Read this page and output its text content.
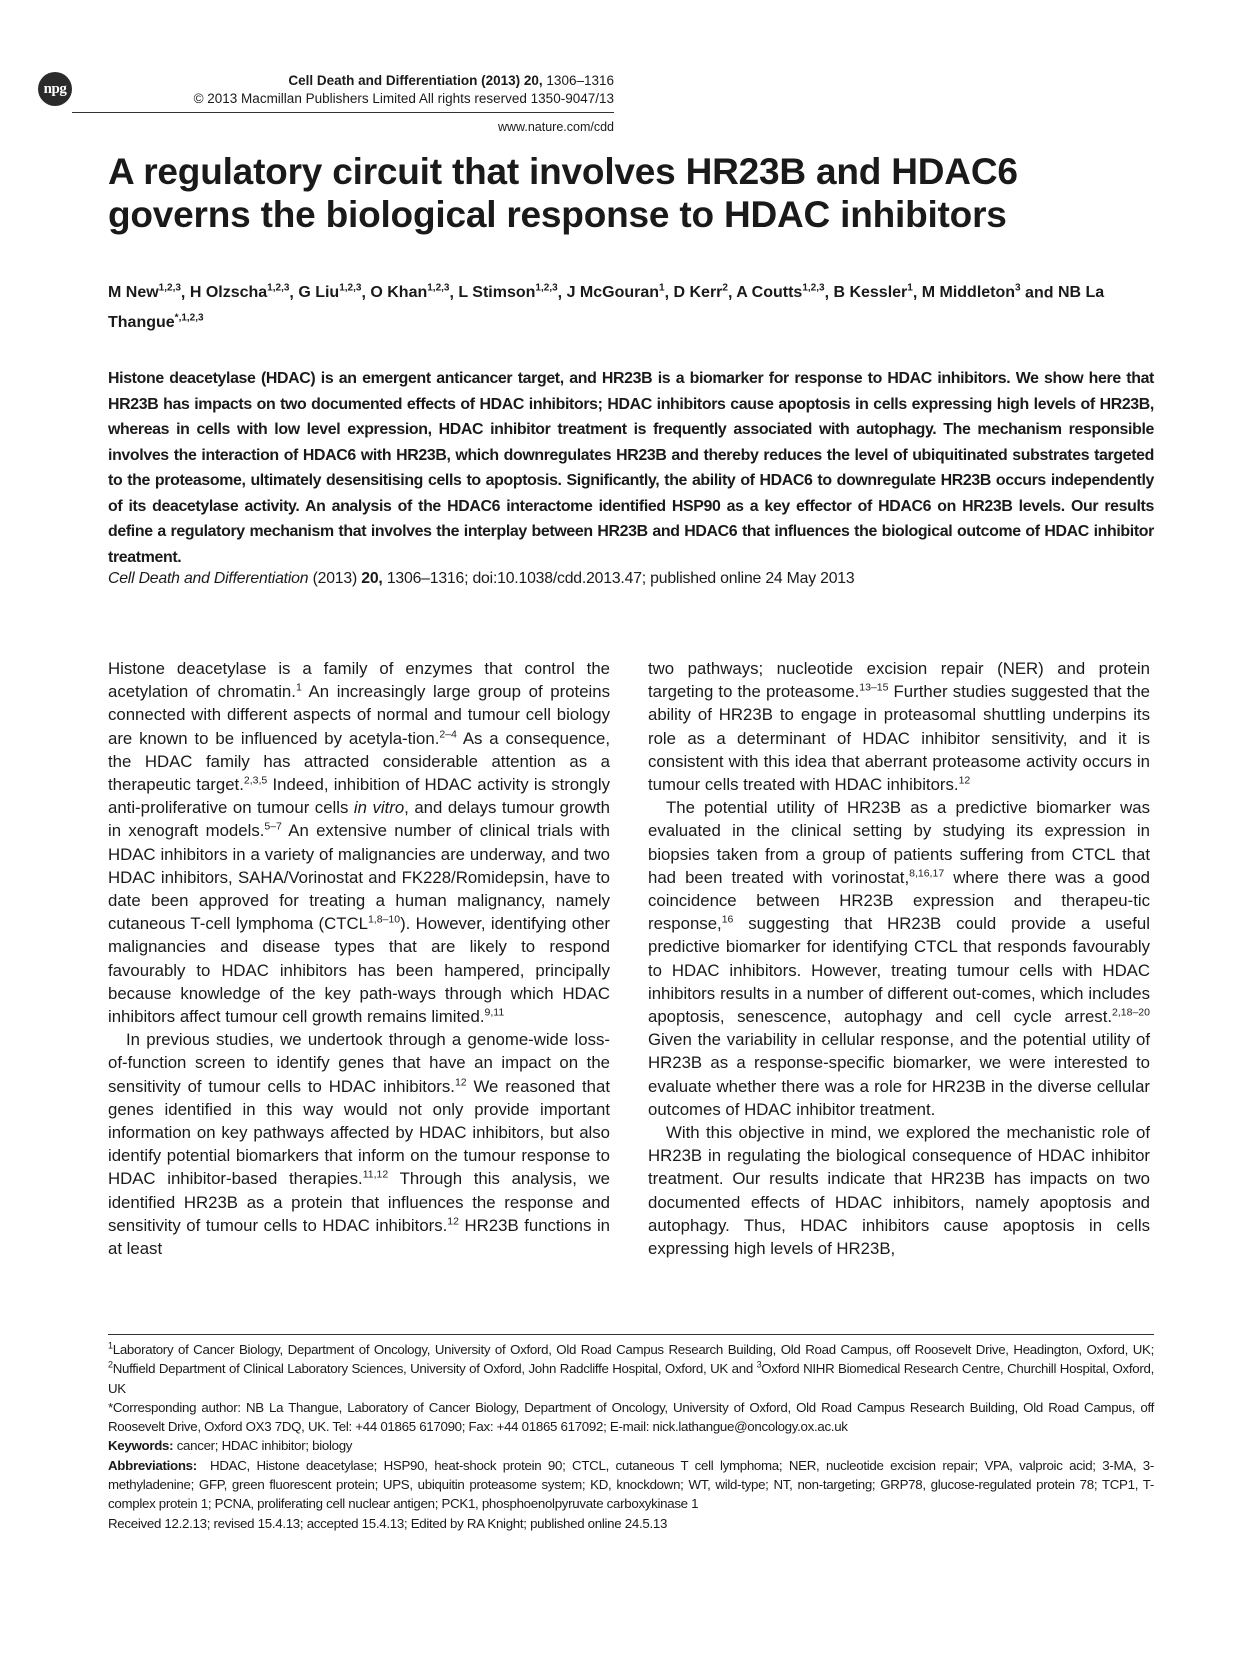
npg	Cell Death and Differentiation (2013) 20, 1306–1316
© 2013 Macmillan Publishers Limited All rights reserved 1350-9047/13
www.nature.com/cdd
A regulatory circuit that involves HR23B and HDAC6 governs the biological response to HDAC inhibitors
M New$^{1,2,3}$, H Olzscha$^{1,2,3}$, G Liu$^{1,2,3}$, O Khan$^{1,2,3}$, L Stimson$^{1,2,3}$, J McGouran$^1$, D Kerr$^2$, A Coutts$^{1,2,3}$, B Kessler$^1$, M Middleton$^3$ and NB La Thangue$^{*,1,2,3}$
Histone deacetylase (HDAC) is an emergent anticancer target, and HR23B is a biomarker for response to HDAC inhibitors. We show here that HR23B has impacts on two documented effects of HDAC inhibitors; HDAC inhibitors cause apoptosis in cells expressing high levels of HR23B, whereas in cells with low level expression, HDAC inhibitor treatment is frequently associated with autophagy. The mechanism responsible involves the interaction of HDAC6 with HR23B, which downregulates HR23B and thereby reduces the level of ubiquitinated substrates targeted to the proteasome, ultimately desensitising cells to apoptosis. Significantly, the ability of HDAC6 to downregulate HR23B occurs independently of its deacetylase activity. An analysis of the HDAC6 interactome identified HSP90 as a key effector of HDAC6 on HR23B levels. Our results define a regulatory mechanism that involves the interplay between HR23B and HDAC6 that influences the biological outcome of HDAC inhibitor treatment.
Cell Death and Differentiation (2013) 20, 1306–1316; doi:10.1038/cdd.2013.47; published online 24 May 2013

Histone deacetylase is a family of enzymes that control the acetylation of chromatin.$^1$ An increasingly large group of proteins connected with different aspects of normal and tumour cell biology are known to be influenced by acetyla-tion.$^{2-4}$ As a consequence, the HDAC family has attracted considerable attention as a therapeutic target.$^{2,3,5}$ Indeed, inhibition of HDAC activity is strongly anti-proliferative on tumour cells in vitro, and delays tumour growth in xenograft models.$^{5-7}$ An extensive number of clinical trials with HDAC inhibitors in a variety of malignancies are underway, and two HDAC inhibitors, SAHA/Vorinostat and FK228/Romidepsin, have to date been approved for treating a human malignancy, namely cutaneous T-cell lymphoma (CTCL$^{1,8-10}$). However, identifying other malignancies and disease types that are likely to respond favourably to HDAC inhibitors has been hampered, principally because knowledge of the key path-ways through which HDAC inhibitors affect tumour cell growth remains limited.$^{9,11}$

In previous studies, we undertook through a genome-wide loss-of-function screen to identify genes that have an impact on the sensitivity of tumour cells to HDAC inhibitors.$^{12}$ We reasoned that genes identified in this way would not only provide important information on key pathways affected by HDAC inhibitors, but also identify potential biomarkers that inform on the tumour response to HDAC inhibitor-based therapies.$^{11,12}$ Through this analysis, we identified HR23B as a protein that influences the response and sensitivity of tumour cells to HDAC inhibitors.$^{12}$ HR23B functions in at least

two pathways; nucleotide excision repair (NER) and protein targeting to the proteasome.$^{13-15}$ Further studies suggested that the ability of HR23B to engage in proteasomal shuttling underpins its role as a determinant of HDAC inhibitor sensitivity, and it is consistent with this idea that aberrant proteasome activity occurs in tumour cells treated with HDAC inhibitors.$^{12}$

The potential utility of HR23B as a predictive biomarker was evaluated in the clinical setting by studying its expression in biopsies taken from a group of patients suffering from CTCL that had been treated with vorinostat,$^{8,16,17}$ where there was a good coincidence between HR23B expression and therapeu-tic response,$^{16}$ suggesting that HR23B could provide a useful predictive biomarker for identifying CTCL that responds favourably to HDAC inhibitors. However, treating tumour cells with HDAC inhibitors results in a number of different out-comes, which includes apoptosis, senescence, autophagy and cell cycle arrest.$^{2,18-20}$ Given the variability in cellular response, and the potential utility of HR23B as a response-specific biomarker, we were interested to evaluate whether there was a role for HR23B in the diverse cellular outcomes of HDAC inhibitor treatment.

With this objective in mind, we explored the mechanistic role of HR23B in regulating the biological consequence of HDAC inhibitor treatment. Our results indicate that HR23B has impacts on two documented effects of HDAC inhibitors, namely apoptosis and autophagy. Thus, HDAC inhibitors cause apoptosis in cells expressing high levels of HR23B,

$^1$Laboratory of Cancer Biology, Department of Oncology, University of Oxford, Old Road Campus Research Building, Old Road Campus, off Roosevelt Drive, Headington, Oxford, UK; $^2$Nuffield Department of Clinical Laboratory Sciences, University of Oxford, John Radcliffe Hospital, Oxford, UK and $^3$Oxford NIHR Biomedical Research Centre, Churchill Hospital, Oxford, UK

*Corresponding author: NB La Thangue, Laboratory of Cancer Biology, Department of Oncology, University of Oxford, Old Road Campus Research Building, Old Road Campus, off Roosevelt Drive, Oxford OX3 7DQ, UK. Tel: +44 01865 617090; Fax: +44 01865 617092; E-mail: nick.lathangue@oncology.ox.ac.uk

Keywords: cancer; HDAC inhibitor; biology

Abbreviations: HDAC, Histone deacetylase; HSP90, heat-shock protein 90; CTCL, cutaneous T cell lymphoma; NER, nucleotide excision repair; VPA, valproic acid; 3-MA, 3-methyladenine; GFP, green fluorescent protein; UPS, ubiquitin proteasome system; KD, knockdown; WT, wild-type; NT, non-targeting; GRP78, glucose-regulated protein 78; TCP1, T-complex protein 1; PCNA, proliferating cell nuclear antigen; PCK1, phosphoenolpyruvate carboxykinase 1

Received 12.2.13; revised 15.4.13; accepted 15.4.13; Edited by RA Knight; published online 24.5.13
